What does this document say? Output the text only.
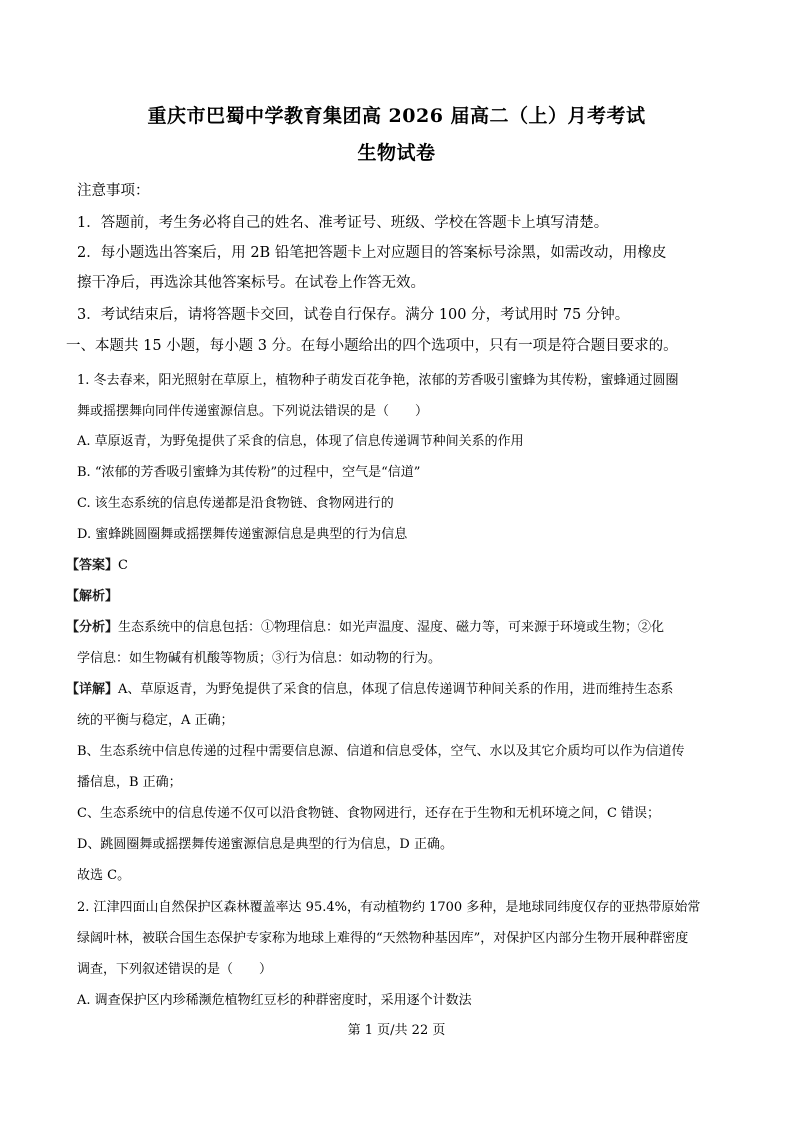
重庆市巴蜀中学教育集团高 2026 届高二（上）月考考试
生物试卷
注意事项：
1．答题前，考生务必将自己的姓名、准考证号、班级、学校在答题卡上填写清楚。
2．每小题选出答案后，用 2B 铅笔把答题卡上对应题目的答案标号涂黑，如需改动，用橡皮
擦干净后，再选涂其他答案标号。在试卷上作答无效。
3．考试结束后，请将答题卡交回，试卷自行保存。满分 100 分，考试用时 75 分钟。
一、本题共 15 小题，每小题 3 分。在每小题给出的四个选项中，只有一项是符合题目要求的。
1. 冬去春来，阳光照射在草原上，植物种子萌发百花争艳，浓郁的芳香吸引蜜蜂为其传粉，蜜蜂通过圆圈
舞或摇摆舞向同伴传递蜜源信息。下列说法错误的是（　　）
A. 草原返青，为野兔提供了采食的信息，体现了信息传递调节种间关系的作用
B. “浓郁的芳香吸引蜜蜂为其传粉”的过程中，空气是“信道”
C. 该生态系统的信息传递都是沿食物链、食物网进行的
D. 蜜蜂跳圆圈舞或摇摆舞传递蜜源信息是典型的行为信息
【答案】C
【解析】
【分析】生态系统中的信息包括：①物理信息：如光声温度、湿度、磁力等，可来源于环境或生物；②化
学信息：如生物碱有机酸等物质；③行为信息：如动物的行为。
【详解】A、草原返青，为野兔提供了采食的信息，体现了信息传递调节种间关系的作用，进而维持生态系
统的平衡与稳定，A 正确；
B、生态系统中信息传递的过程中需要信息源、信道和信息受体，空气、水以及其它介质均可以作为信道传
播信息，B 正确；
C、生态系统中的信息传递不仅可以沿食物链、食物网进行，还存在于生物和无机环境之间，C 错误；
D、跳圆圈舞或摇摆舞传递蜜源信息是典型的行为信息，D 正确。
故选 C。
2. 江津四面山自然保护区森林覆盖率达 95.4%，有动植物约 1700 多种，是地球同纬度仅存的亚热带原始常
绿阔叶林，被联合国生态保护专家称为地球上难得的“天然物种基因库”，对保护区内部分生物开展种群密度
调查，下列叙述错误的是（　　）
A. 调查保护区内珍稀濒危植物红豆杉的种群密度时，采用逐个计数法
第 1 页/共 22 页
